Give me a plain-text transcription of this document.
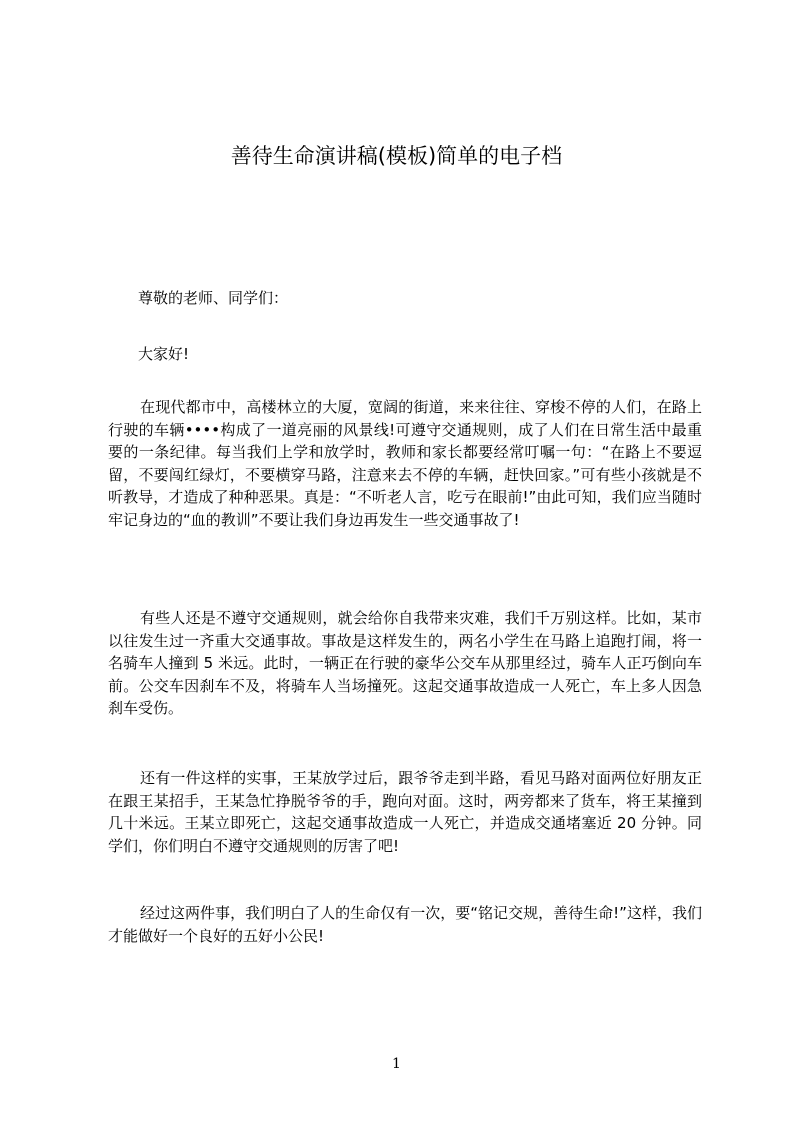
善待生命演讲稿(模板)简单的电子档

尊敬的老师、同学们：

大家好!

在现代都市中，高楼林立的大厦，宽阔的街道，来来往往、穿梭不停的人们，在路上行驶的车辆••••构成了一道亮丽的风景线!可遵守交通规则，成了人们在日常生活中最重要的一条纪律。每当我们上学和放学时，教师和家长都要经常叮嘱一句：“在路上不要逗留，不要闯红绿灯，不要横穿马路，注意来去不停的车辆，赶快回家。”可有些小孩就是不听教导，才造成了种种恶果。真是：“不听老人言，吃亏在眼前!”由此可知，我们应当随时牢记身边的“血的教训”不要让我们身边再发生一些交通事故了!

有些人还是不遵守交通规则，就会给你自我带来灾难，我们千万别这样。比如，某市以往发生过一齐重大交通事故。事故是这样发生的，两名小学生在马路上追跑打闹，将一名骑车人撞到 5 米远。此时，一辆正在行驶的豪华公交车从那里经过，骑车人正巧倒向车前。公交车因刹车不及，将骑车人当场撞死。这起交通事故造成一人死亡，车上多人因急刹车受伤。

还有一件这样的实事，王某放学过后，跟爷爷走到半路，看见马路对面两位好朋友正在跟王某招手，王某急忙挣脱爷爷的手，跑向对面。这时，两旁都来了货车，将王某撞到几十米远。王某立即死亡，这起交通事故造成一人死亡，并造成交通堵塞近 20 分钟。同学们，你们明白不遵守交通规则的厉害了吧!

经过这两件事，我们明白了人的生命仅有一次，要“铭记交规，善待生命!”这样，我们才能做好一个良好的五好小公民!

1
